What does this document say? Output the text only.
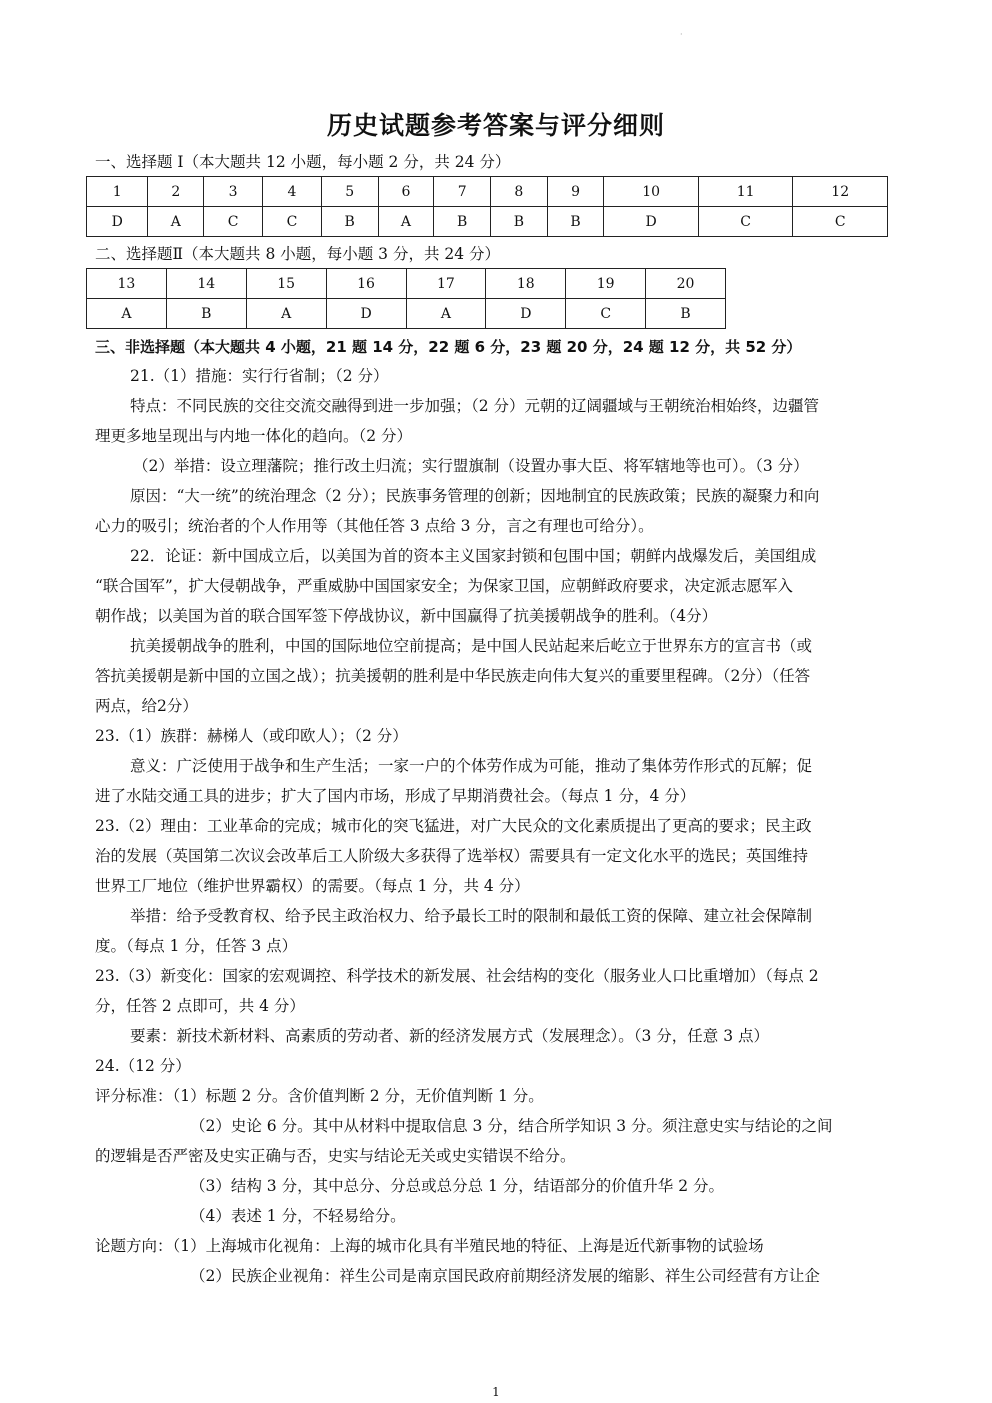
·
历史试题参考答案与评分细则
一、选择题 I（本大题共 12 小题，每小题 2 分，共 24 分）
1	2	3	4	5	6	7	8	9	10	11	12
D	A	C	C	B	A	B	B	B	D	C	C
二、选择题Ⅱ（本大题共 8 小题，每小题 3 分，共 24 分）
13	14	15	16	17	18	19	20
A	B	A	D	A	D	C	B
三、非选择题（本大题共 4 小题，21 题 14 分，22 题 6 分，23 题 20 分，24 题 12 分，共 52 分）
21.（1）措施：实行行省制；（2 分）
特点：不同民族的交往交流交融得到进一步加强；（2 分）元朝的辽阔疆域与王朝统治相始终，边疆管
理更多地呈现出与内地一体化的趋向。（2 分）
（2）举措：设立理藩院；推行改土归流；实行盟旗制（设置办事大臣、将军辖地等也可）。（3 分）
原因：“大一统”的统治理念（2 分）；民族事务管理的创新；因地制宜的民族政策；民族的凝聚力和向
心力的吸引；统治者的个人作用等（其他任答 3 点给 3 分，言之有理也可给分）。
22．论证：新中国成立后，以美国为首的资本主义国家封锁和包围中国；朝鲜内战爆发后，美国组成
“联合国军”，扩大侵朝战争，严重威胁中国国家安全；为保家卫国，应朝鲜政府要求，决定派志愿军入
朝作战；以美国为首的联合国军签下停战协议，新中国赢得了抗美援朝战争的胜利。（4分）
抗美援朝战争的胜利，中国的国际地位空前提高；是中国人民站起来后屹立于世界东方的宣言书（或
答抗美援朝是新中国的立国之战）；抗美援朝的胜利是中华民族走向伟大复兴的重要里程碑。（2分）（任答
两点，给2分）
23.（1）族群：赫梯人（或印欧人）；（2 分）
意义：广泛使用于战争和生产生活；一家一户的个体劳作成为可能，推动了集体劳作形式的瓦解；促
进了水陆交通工具的进步；扩大了国内市场，形成了早期消费社会。（每点 1 分，4 分）
23.（2）理由：工业革命的完成；城市化的突飞猛进，对广大民众的文化素质提出了更高的要求；民主政
治的发展（英国第二次议会改革后工人阶级大多获得了选举权）需要具有一定文化水平的选民；英国维持
世界工厂地位（维护世界霸权）的需要。（每点 1 分，共 4 分）
举措：给予受教育权、给予民主政治权力、给予最长工时的限制和最低工资的保障、建立社会保障制
度。（每点 1 分，任答 3 点）
23.（3）新变化：国家的宏观调控、科学技术的新发展、社会结构的变化（服务业人口比重增加）（每点 2
分，任答 2 点即可，共 4 分）
要素：新技术新材料、高素质的劳动者、新的经济发展方式（发展理念）。（3 分，任意 3 点）
24.（12 分）
评分标准：（1）标题 2 分。含价值判断 2 分，无价值判断 1 分。
（2）史论 6 分。其中从材料中提取信息 3 分，结合所学知识 3 分。须注意史实与结论的之间
的逻辑是否严密及史实正确与否，史实与结论无关或史实错误不给分。
（3）结构 3 分，其中总分、分总或总分总 1 分，结语部分的价值升华 2 分。
（4）表述 1 分，不轻易给分。
论题方向：（1）上海城市化视角：上海的城市化具有半殖民地的特征、上海是近代新事物的试验场
（2）民族企业视角：祥生公司是南京国民政府前期经济发展的缩影、祥生公司经营有方让企
1
